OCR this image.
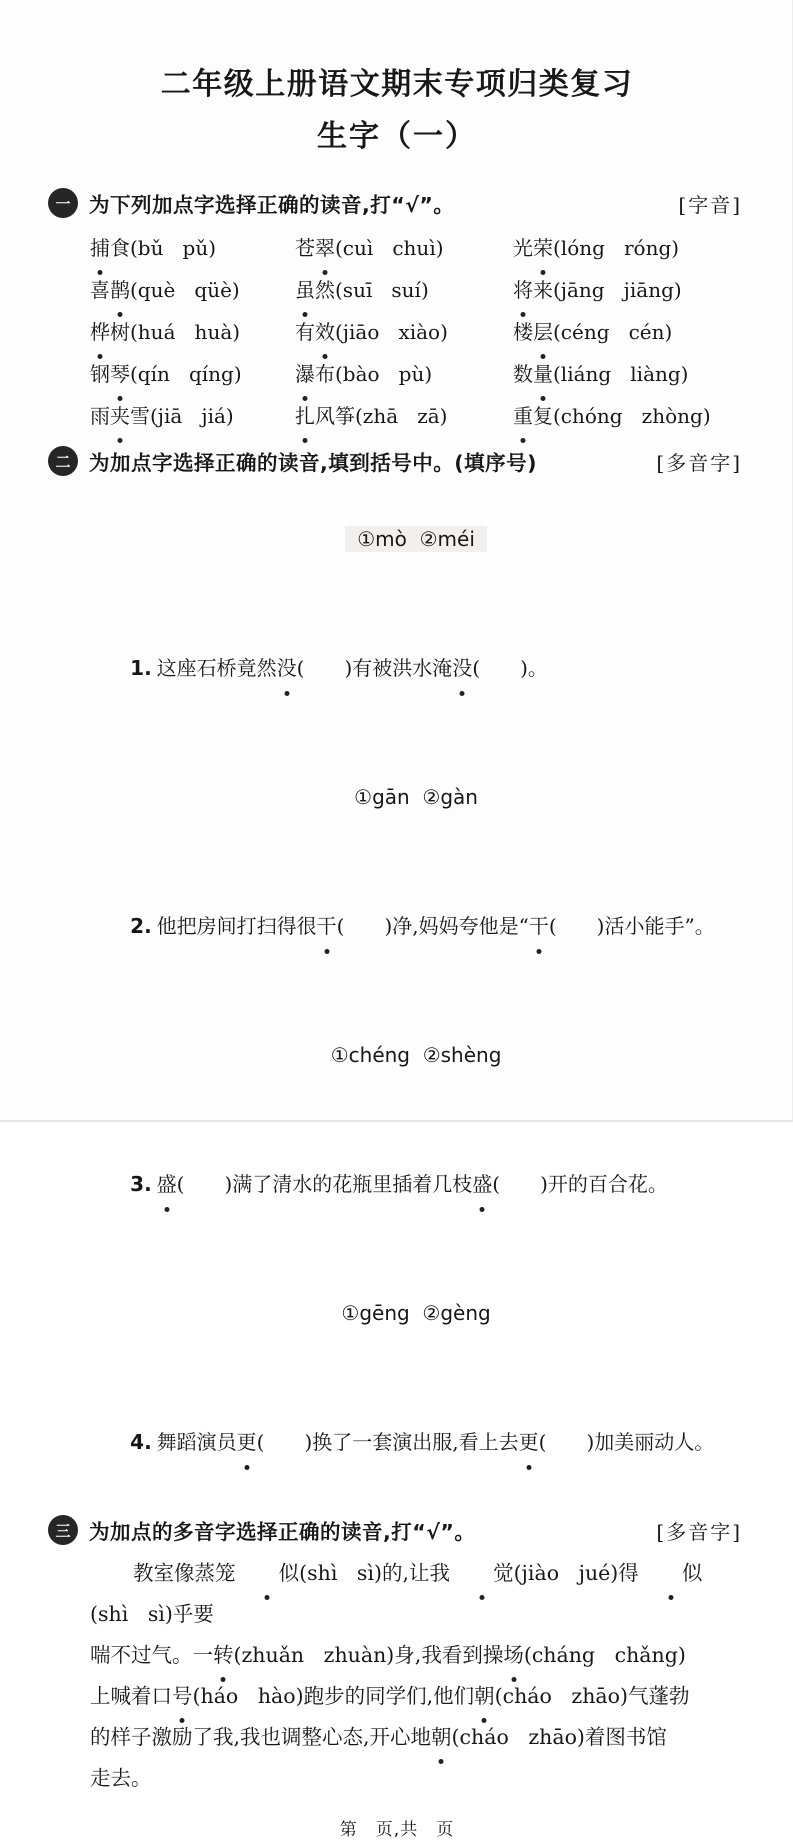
二年级上册语文期末专项归类复习
生字（一）
一 为下列加点字选择正确的读音,打“√”。	[字音]
捕食(bǔ   pǔ)	苍翠(cuì   chuì)	光荣(lóng   róng)
喜鹊(què   qüè)	虽然(suī   suí)	将来(jāng   jiāng)
桦树(huá   huà)	有效(jiāo   xiào)	楼层(céng   cén)
钢琴(qín   qíng)	瀑布(bào   pù)	数量(liáng   liàng)
雨夹雪(jiā   jiá)	扎风筝(zhā   zā)	重复(chóng   zhòng)
二 为加点字选择正确的读音,填到括号中。(填序号)	[多音字]

①mò  ②méi

1. 这座石桥竟然没(　　)有被洪水淹没(　　)。

①gān  ②gàn

2. 他把房间打扫得很干(　　)净,妈妈夸他是“干(　　)活小能手”。

①chéng  ②shèng

3. 盛(　　)满了清水的花瓶里插着几枝盛(　　)开的百合花。

①gēng  ②gèng

4. 舞蹈演员更(　　)换了一套演出服,看上去更(　　)加美丽动人。

三 为加点的多音字选择正确的读音,打“√”。	[多音字]
教室像蒸笼 似(shì   sì)的,让我 觉(jiào   jué)得 似(shì   sì)乎要
喘不过气。一转(zhuǎn   zhuàn)身,我看到操场(cháng   chǎng)
上喊着口号(háo   hào)跑步的同学们,他们朝(cháo   zhāo)气蓬勃
的样子激励了我,我也调整心态,开心地朝(cháo   zhāo)着图书馆
走去。
第　页,共　页
